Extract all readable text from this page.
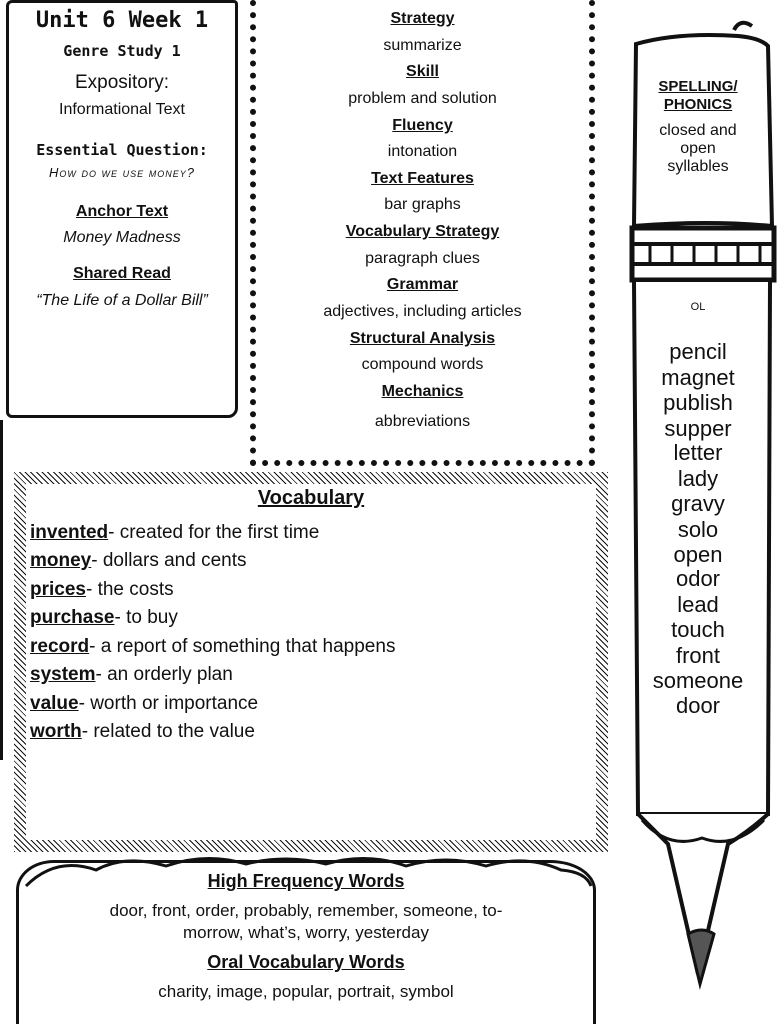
Unit 6 Week 1
Genre Study 1
Expository:
Informational Text
Essential Question:
How do we use money?
Anchor Text
Money Madness
Shared Read
“The Life of a Dollar Bill”
Strategy
summarize
Skill
problem and solution
Fluency
intonation
Text Features
bar graphs
Vocabulary Strategy
paragraph clues
Grammar
adjectives, including articles
Structural Analysis
compound words
Mechanics
abbreviations
Vocabulary
invented- created for the first time
money- dollars and cents
prices- the costs
purchase- to buy
record- a report of something that happens
system- an orderly plan
value- worth or importance
worth- related to the value
High Frequency Words
door, front, order, probably, remember, someone, to-
morrow, what’s, worry, yesterday
Oral Vocabulary Words
charity, image, popular, portrait, symbol
SPELLING/
PHONICS
closed and
open
syllables
OL
pencil
magnet
publish
supper
letter
lady
gravy
solo
open
odor
lead
touch
front
someone
door
